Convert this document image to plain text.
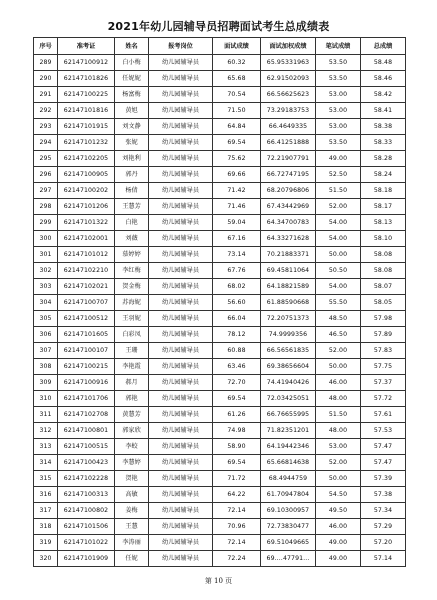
2021年幼儿园辅导员招聘面试考生总成绩表
序号	准考证	姓名	报考岗位	面试成绩	面试加权成绩	笔试成绩	总成绩
289	62147100912	白小梅	幼儿园辅导员	60.32	65.95331963	53.50	58.48
290	62147101826	任妮妮	幼儿园辅导员	65.68	62.91502093	53.50	58.46
291	62147100225	杨富梅	幼儿园辅导员	70.54	66.56625623	53.00	58.42
292	62147101816	黄旭	幼儿园辅导员	71.50	73.29183753	53.00	58.41
293	62147101915	刘文静	幼儿园辅导员	64.84	66.4649335	53.00	58.38
294	62147101232	张妮	幼儿园辅导员	69.54	66.41251888	53.50	58.33
295	62147102205	刘艳利	幼儿园辅导员	75.62	72.21907791	49.00	58.28
296	62147100905	郭丹	幼儿园辅导员	69.66	66.72747195	52.50	58.24
297	62147100202	杨倩	幼儿园辅导员	71.42	68.20796806	51.50	58.18
298	62147101206	王慧芳	幼儿园辅导员	71.46	67.43442969	52.00	58.17
299	62147101322	白艳	幼儿园辅导员	59.04	64.34700783	54.00	58.13
300	62147102001	刘薇	幼儿园辅导员	67.16	64.33271628	54.00	58.10
301	62147101012	慕婷婷	幼儿园辅导员	73.14	70.21883371	50.00	58.08
302	62147102210	李红梅	幼儿园辅导员	67.76	69.45811064	50.50	58.08
303	62147102021	贺金梅	幼儿园辅导员	68.02	64.18821589	54.00	58.07
304	62147100707	苏海妮	幼儿园辅导员	56.60	61.88590668	55.50	58.05
305	62147100512	王羽妮	幼儿园辅导员	66.04	72.20751373	48.50	57.98
306	62147101605	白彩凤	幼儿园辅导员	78.12	74.9999356	46.50	57.89
307	62147100107	王珊	幼儿园辅导员	60.88	66.56561835	52.00	57.83
308	62147100215	李艳霞	幼儿园辅导员	63.46	69.38656604	50.00	57.75
309	62147100916	郝月	幼儿园辅导员	72.70	74.41940426	46.00	57.37
310	62147101706	郭艳	幼儿园辅导员	69.54	72.03425051	48.00	57.72
311	62147102708	黄慧芳	幼儿园辅导员	61.26	66.76655995	51.50	57.61
312	62147100801	郭家欣	幼儿园辅导员	74.98	71.82351201	48.00	57.53
313	62147100515	李蛟	幼儿园辅导员	58.90	64.19442346	53.00	57.47
314	62147100423	李慧婷	幼儿园辅导员	69.54	65.66814638	52.00	57.47
315	62147102228	贺艳	幼儿园辅导员	71.72	68.4944759	50.00	57.39
316	62147100313	高敏	幼儿园辅导员	64.22	61.70947804	54.50	57.38
317	62147100802	姜梅	幼儿园辅导员	72.14	69.10300957	49.50	57.34
318	62147101506	王慧	幼儿园辅导员	70.96	72.73830477	46.00	57.29
319	62147101022	李涛丽	幼儿园辅导员	72.14	69.51049665	49.00	57.20
320	62147101909	任妮	幼儿园辅导员	72.24	69.…47791…	49.00	57.14
第 10 页
